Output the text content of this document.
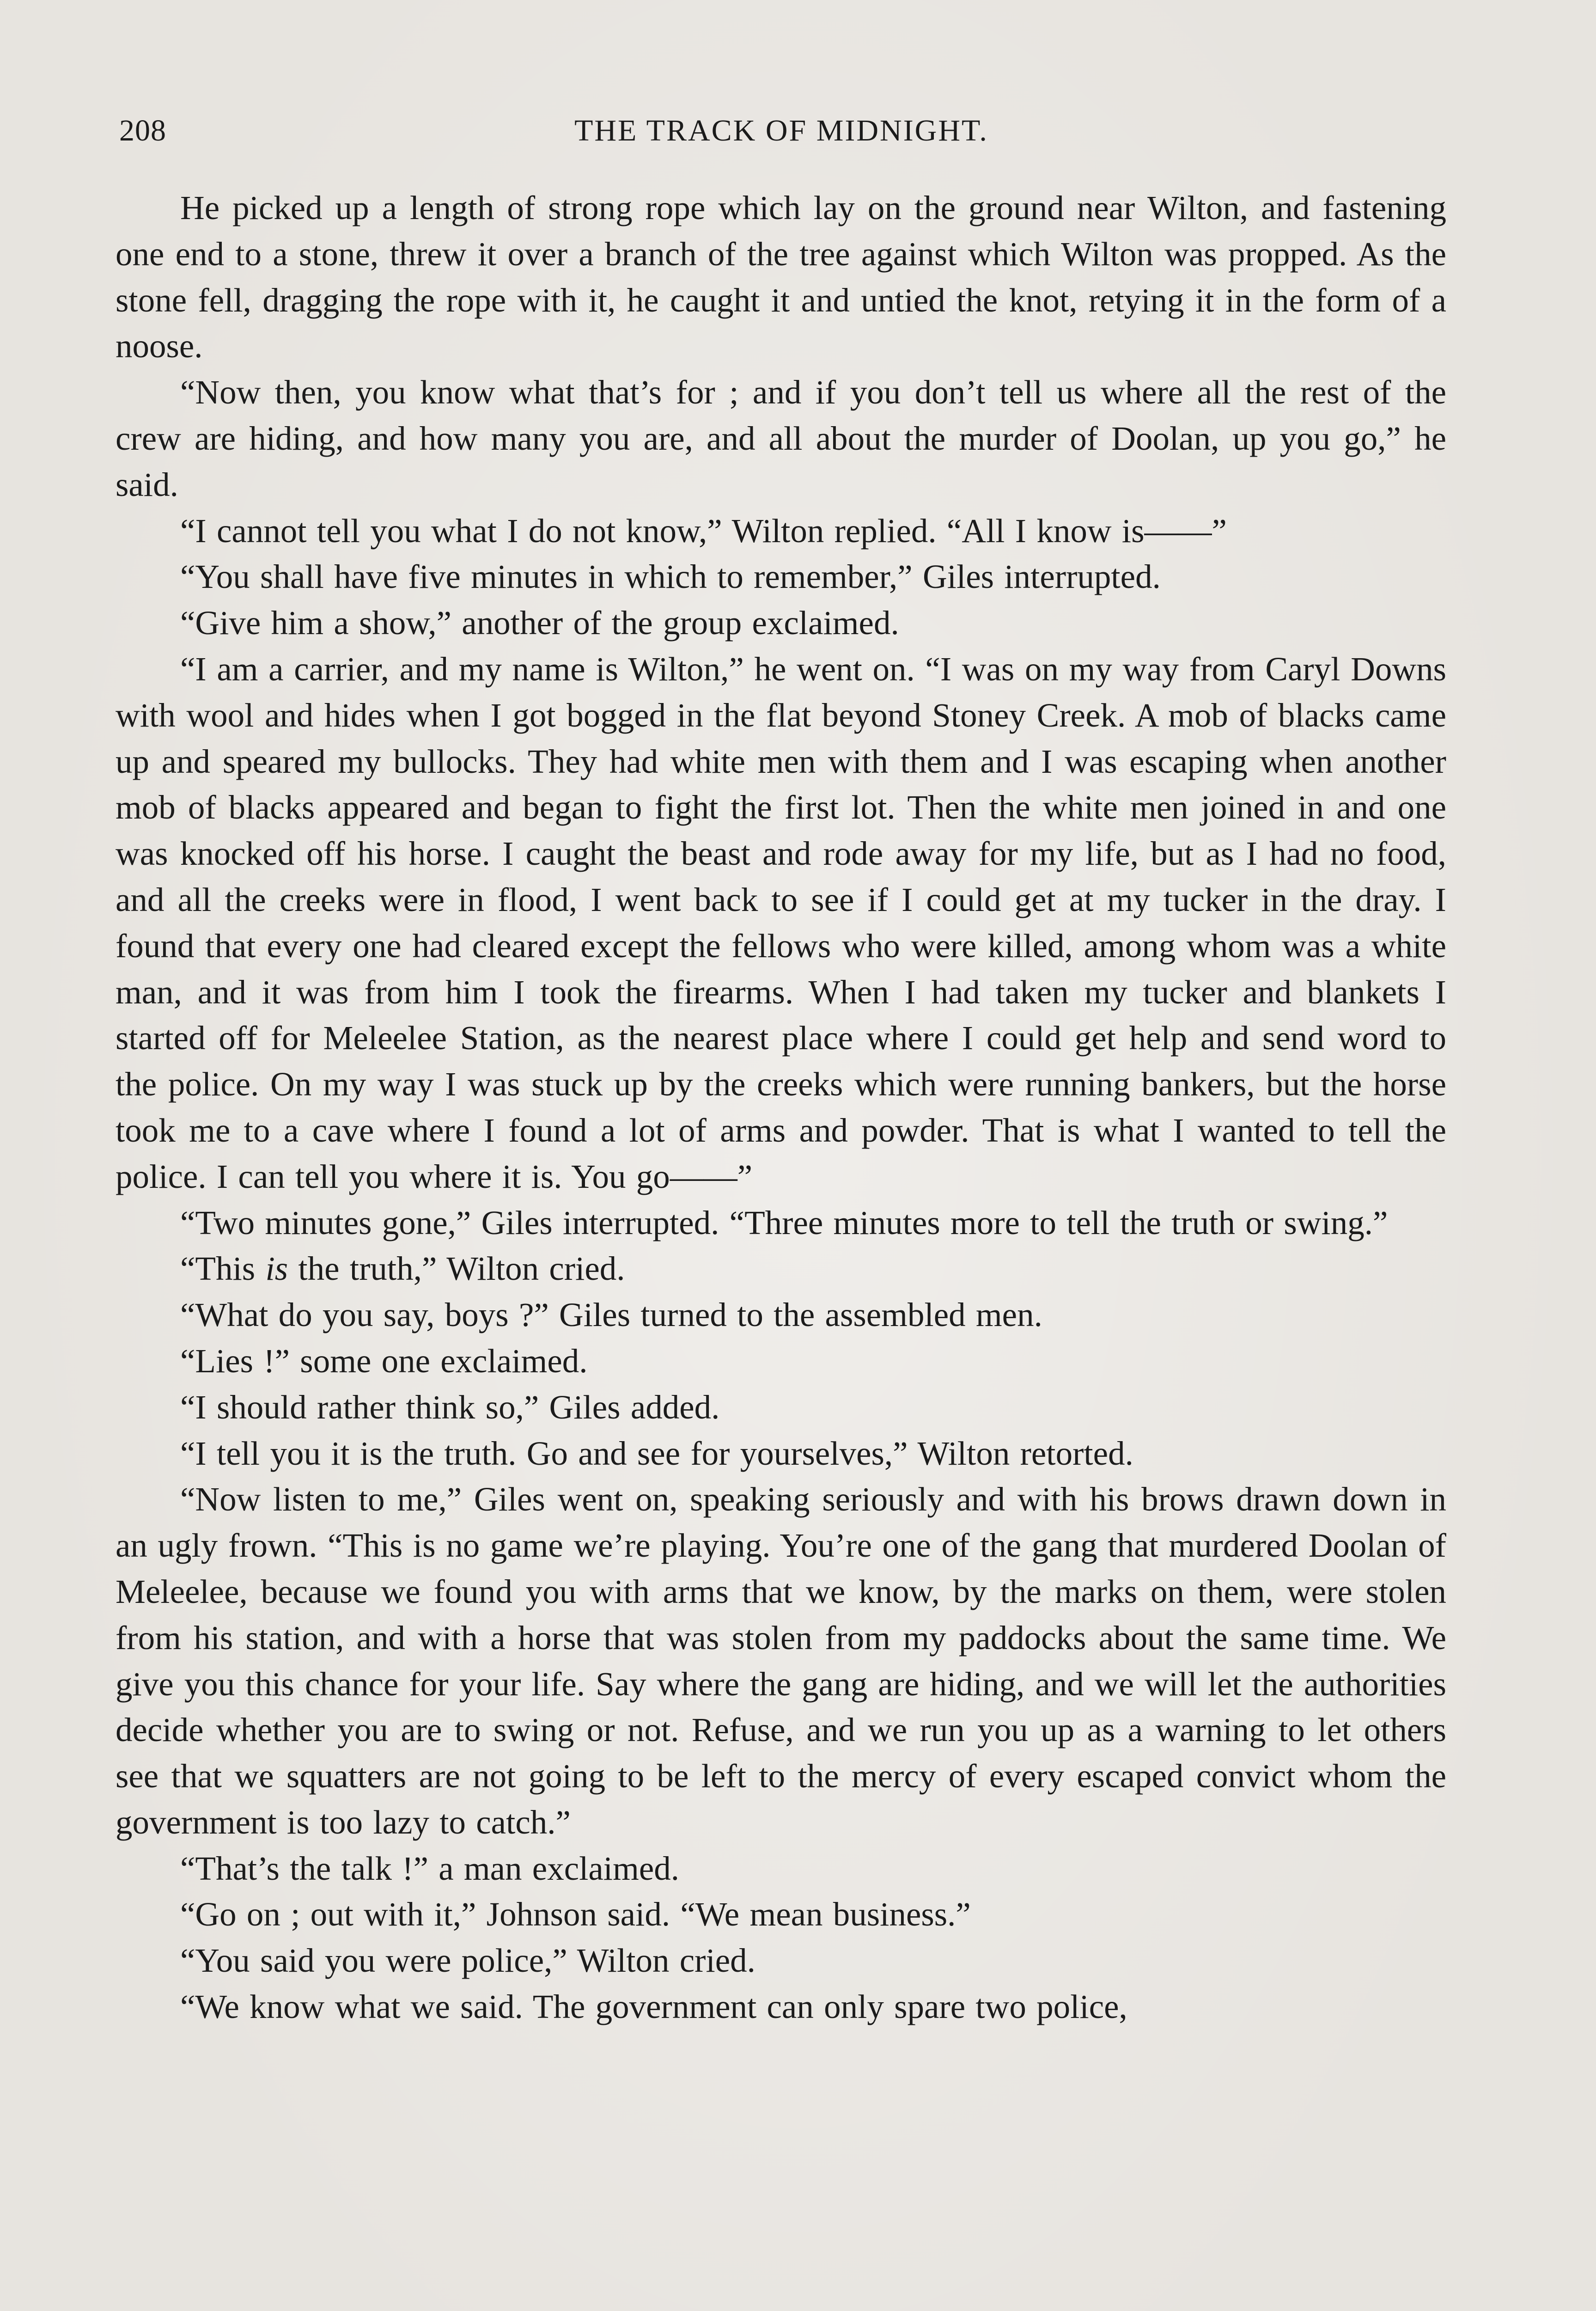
208	THE TRACK OF MIDNIGHT.

He picked up a length of strong rope which lay on the ground near Wilton, and fastening one end to a stone, threw it over a branch of the tree against which Wilton was propped. As the stone fell, dragging the rope with it, he caught it and untied the knot, retying it in the form of a noose.

“Now then, you know what that’s for ; and if you don’t tell us where all the rest of the crew are hiding, and how many you are, and all about the murder of Doolan, up you go,” he said.

“I cannot tell you what I do not know,” Wilton replied. “All I know is——”

“You shall have five minutes in which to remember,” Giles interrupted.

“Give him a show,” another of the group exclaimed.

“I am a carrier, and my name is Wilton,” he went on. “I was on my way from Caryl Downs with wool and hides when I got bogged in the flat beyond Stoney Creek. A mob of blacks came up and speared my bullocks. They had white men with them and I was escaping when another mob of blacks appeared and began to fight the first lot. Then the white men joined in and one was knocked off his horse. I caught the beast and rode away for my life, but as I had no food, and all the creeks were in flood, I went back to see if I could get at my tucker in the dray. I found that every one had cleared except the fellows who were killed, among whom was a white man, and it was from him I took the firearms. When I had taken my tucker and blankets I started off for Meleelee Station, as the nearest place where I could get help and send word to the police. On my way I was stuck up by the creeks which were running bankers, but the horse took me to a cave where I found a lot of arms and powder. That is what I wanted to tell the police. I can tell you where it is. You go——”

“Two minutes gone,” Giles interrupted. “Three minutes more to tell the truth or swing.”

“This is the truth,” Wilton cried.

“What do you say, boys ?” Giles turned to the assembled men.

“Lies !” some one exclaimed.

“I should rather think so,” Giles added.

“I tell you it is the truth. Go and see for yourselves,” Wilton retorted.

“Now listen to me,” Giles went on, speaking seriously and with his brows drawn down in an ugly frown. “This is no game we’re playing. You’re one of the gang that murdered Doolan of Meleelee, because we found you with arms that we know, by the marks on them, were stolen from his station, and with a horse that was stolen from my paddocks about the same time. We give you this chance for your life. Say where the gang are hiding, and we will let the authorities decide whether you are to swing or not. Refuse, and we run you up as a warning to let others see that we squatters are not going to be left to the mercy of every escaped convict whom the government is too lazy to catch.”

“That’s the talk !” a man exclaimed.

“Go on ; out with it,” Johnson said. “We mean business.”

“You said you were police,” Wilton cried.

“We know what we said. The government can only spare two police,
